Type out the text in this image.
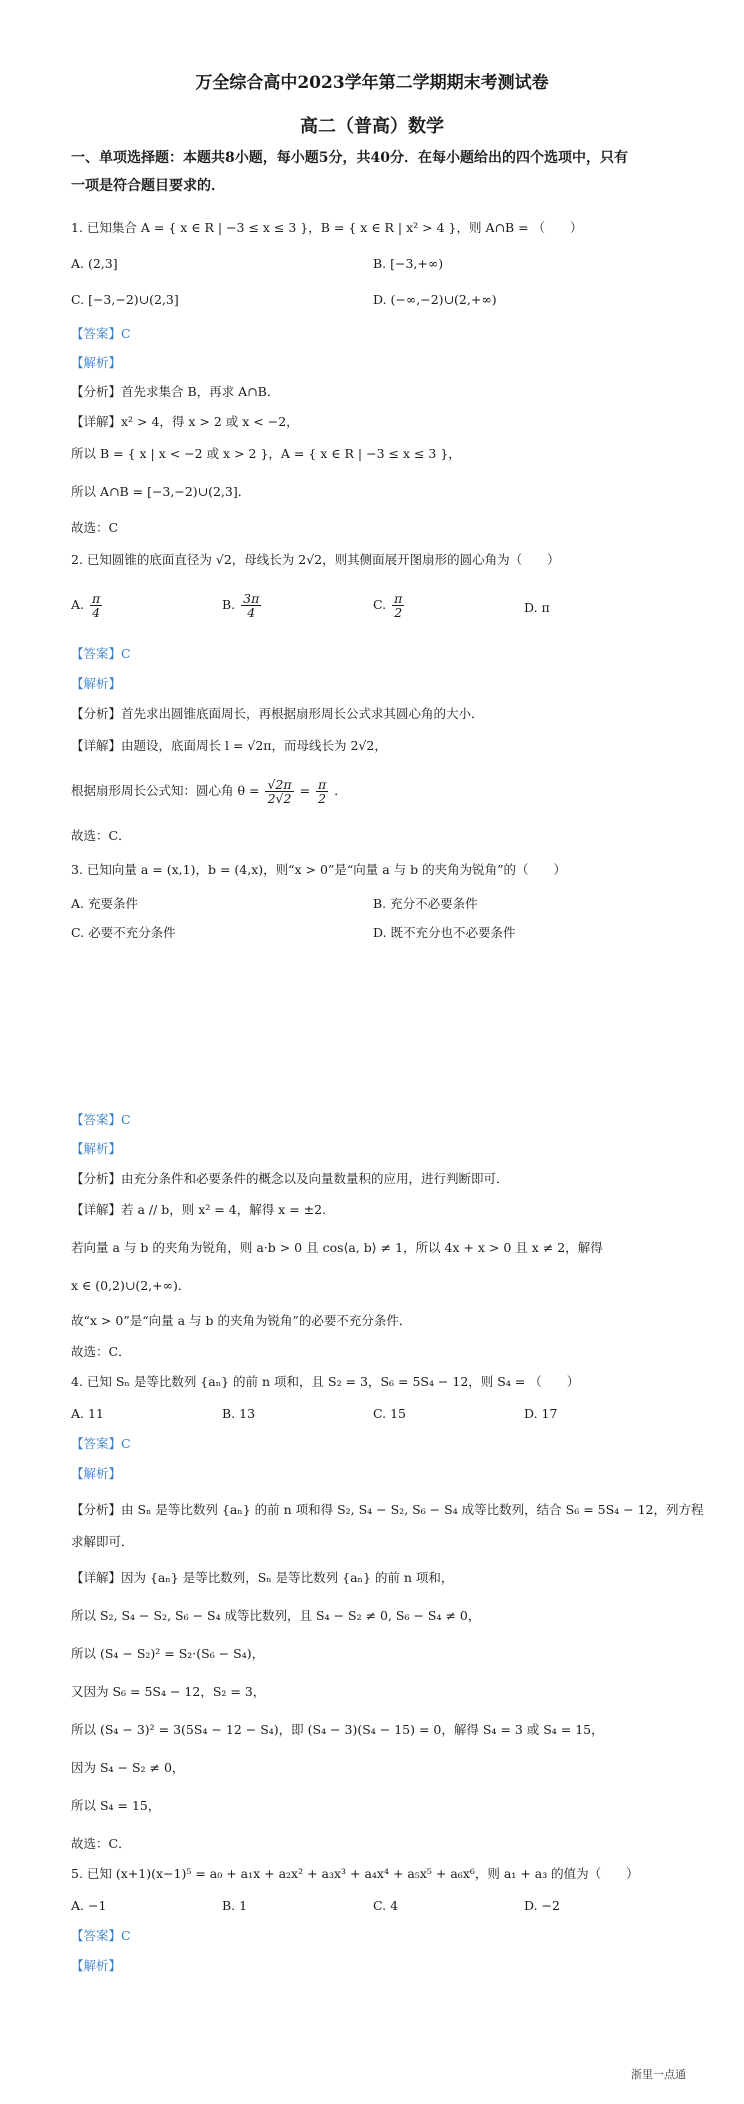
万全综合高中2023学年第二学期期末考测试卷
高二（普高）数学
一、单项选择题：本题共8小题，每小题5分，共40分．在每小题给出的四个选项中，只有
一项是符合题目要求的．
1. 已知集合 A = { x ∈ R | −3 ≤ x ≤ 3 }，B = { x ∈ R | x² > 4 }，则 A∩B = （　　）
A. (2,3]	B. [−3,+∞)
C. [−3,−2)∪(2,3]	D. (−∞,−2)∪(2,+∞)
【答案】C
【解析】
【分析】首先求集合 B，再求 A∩B．
【详解】x² > 4，得 x > 2 或 x < −2，
所以 B = { x | x < −2 或 x > 2 }，A = { x ∈ R | −3 ≤ x ≤ 3 }，
所以 A∩B = [−3,−2)∪(2,3]．
故选：C
2. 已知圆锥的底面直径为 √2，母线长为 2√2，则其侧面展开图扇形的圆心角为（　　）
A. $\frac{\pi}{4}$	B. $\frac{3\pi}{4}$	C. $\frac{\pi}{2}$	D. π
【答案】C
【解析】
【分析】首先求出圆锥底面周长，再根据扇形周长公式求其圆心角的大小．
【详解】由题设，底面周长 l = √2π，而母线长为 2√2，
根据扇形周长公式知：圆心角 $\theta = \frac{√2\pi}{2√2} = \frac{\pi}{2}$ ．
故选：C．
3. 已知向量 a = (x,1)，b = (4,x)，则“x > 0”是“向量 a 与 b 的夹角为锐角”的（　　）
A. 充要条件	B. 充分不必要条件
C. 必要不充分条件	D. 既不充分也不必要条件
【答案】C
【解析】
【分析】由充分条件和必要条件的概念以及向量数量积的应用，进行判断即可．
【详解】若 a // b，则 x² = 4，解得 x = ±2．
若向量 a 与 b 的夹角为锐角，则 a·b > 0 且 cos⟨a, b⟩ ≠ 1，所以 4x + x > 0 且 x ≠ 2，解得
x ∈ (0,2)∪(2,+∞)．
故“x > 0”是“向量 a 与 b 的夹角为锐角”的必要不充分条件．
故选：C．
4. 已知 Sₙ 是等比数列 {aₙ} 的前 n 项和，且 S₂ = 3，S₆ = 5S₄ − 12，则 S₄ = （　　）
A. 11	B. 13	C. 15	D. 17
【答案】C
【解析】
【分析】由 Sₙ 是等比数列 {aₙ} 的前 n 项和得 S₂, S₄ − S₂, S₆ − S₄ 成等比数列，结合 S₆ = 5S₄ − 12，列方程
求解即可．
【详解】因为 {aₙ} 是等比数列，Sₙ 是等比数列 {aₙ} 的前 n 项和，
所以 S₂, S₄ − S₂, S₆ − S₄ 成等比数列，且 S₄ − S₂ ≠ 0, S₆ − S₄ ≠ 0，
所以 (S₄ − S₂)² = S₂·(S₆ − S₄)，
又因为 S₆ = 5S₄ − 12，S₂ = 3，
所以 (S₄ − 3)² = 3(5S₄ − 12 − S₄)，即 (S₄ − 3)(S₄ − 15) = 0，解得 S₄ = 3 或 S₄ = 15，
因为 S₄ − S₂ ≠ 0，
所以 S₄ = 15，
故选：C．
5. 已知 (x+1)(x−1)⁵ = a₀ + a₁x + a₂x² + a₃x³ + a₄x⁴ + a₅x⁵ + a₆x⁶，则 a₁ + a₃ 的值为（　　）
A. −1	B. 1	C. 4	D. −2
【答案】C
【解析】
浙里一点通
